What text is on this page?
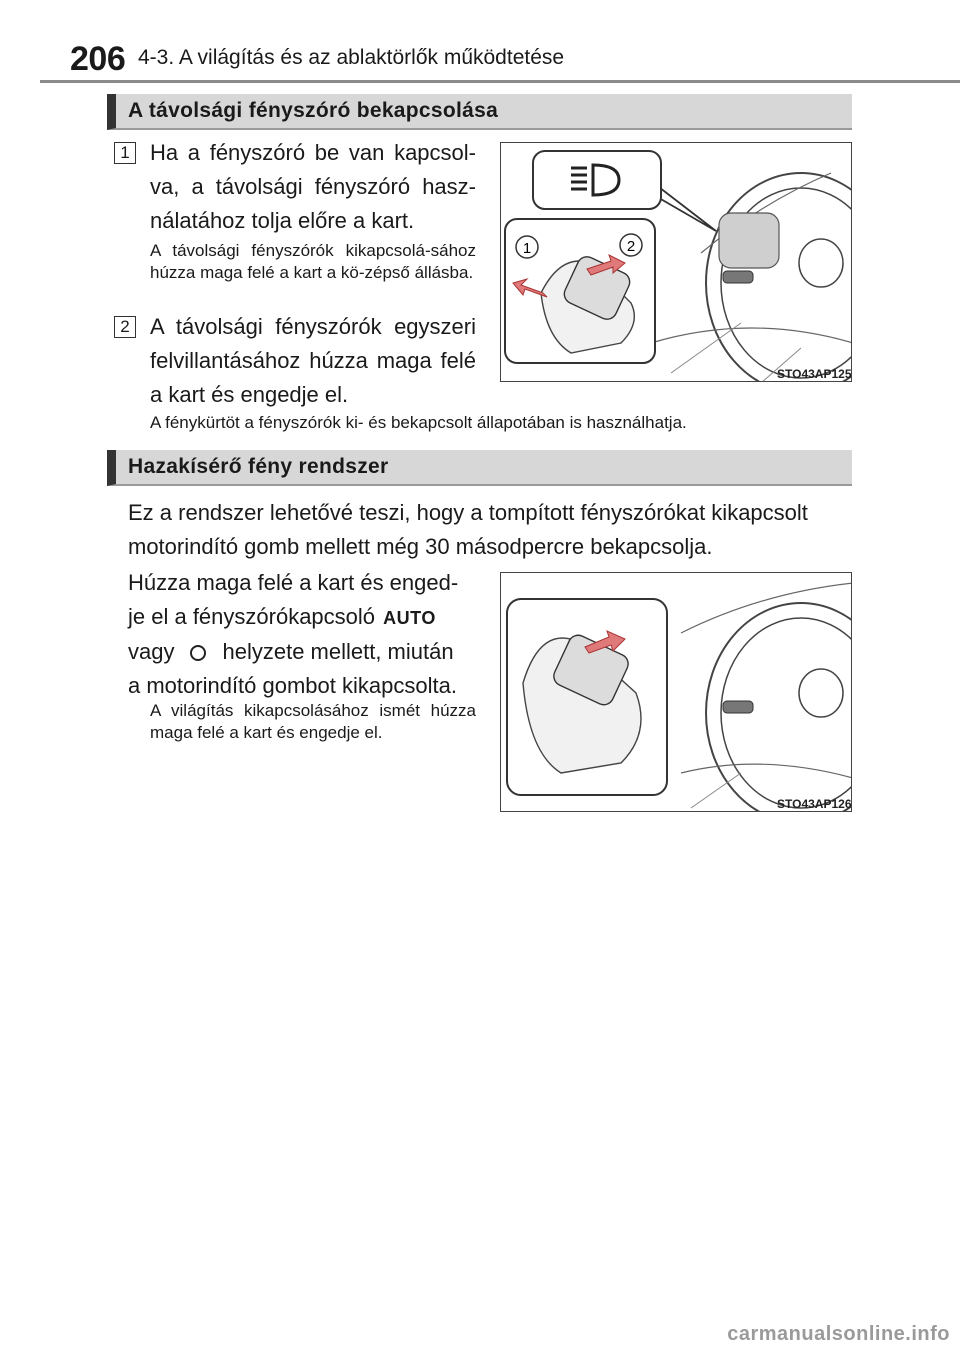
206 4-3. A világítás és az ablaktörlők működtetése
A távolsági fényszóró bekapcsolása
1 Ha a fényszóró be van kapcsol-va, a távolsági fényszóró hasz-nálatához tolja előre a kart.
A távolsági fényszórók kikapcsolá-sához húzza maga felé a kart a kö-zépső állásba.
2 A távolsági fényszórók egyszeri felvillantásához húzza maga felé a kart és engedje el.
A fénykürtöt a fényszórók ki- és bekapcsolt állapotában is használhatja.
1	2
STO43AP125
Hazakísérő fény rendszer
Ez a rendszer lehetővé teszi, hogy a tompított fényszórókat kikapcsolt motorindító gomb mellett még 30 másodpercre bekapcsolja.
Húzza maga felé a kart és enged-
je el a fényszórókapcsoló AUTO
vagy helyzete mellett, miután
a motorindító gombot kikapcsolta.
A világítás kikapcsolásához ismét húzza maga felé a kart és engedje el.
STO43AP126
carmanualsonline.info
